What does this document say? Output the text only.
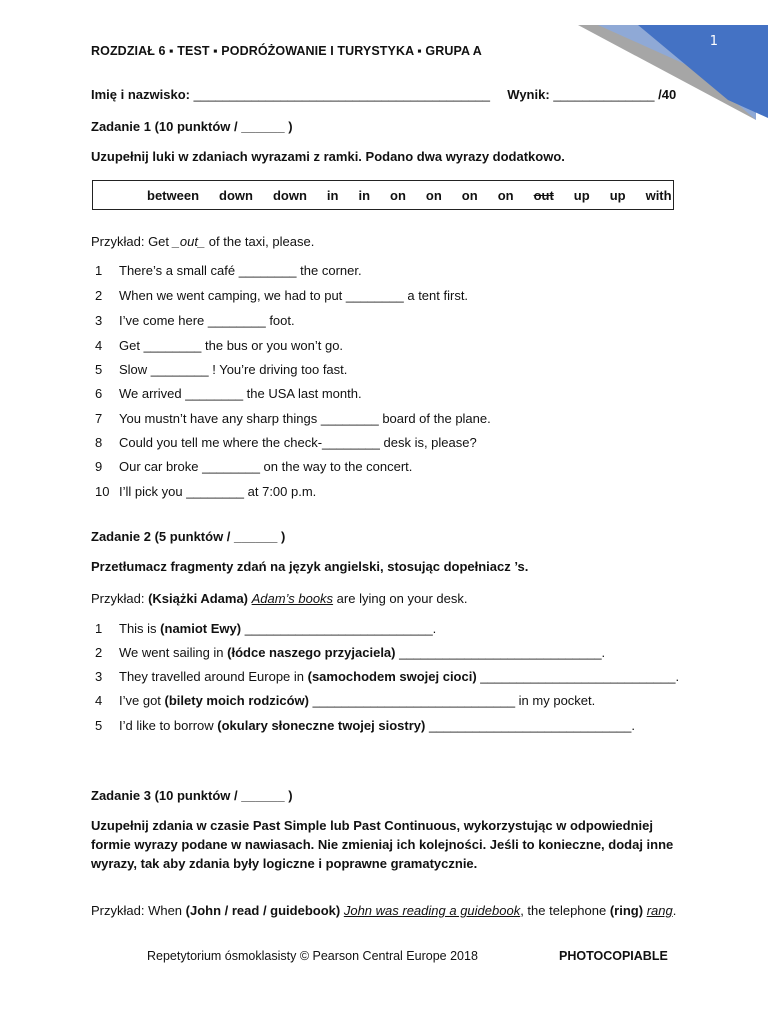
1
ROZDZIAŁ 6 ▪ TEST ▪ PODRÓŻOWANIE I TURYSTYKA ▪ GRUPA A
Imię i nazwisko: _________________________________________ Wynik: ______________ /40
Zadanie 1 (10 punktów / ______ )
Uzupełnij luki w zdaniach wyrazami z ramki. Podano dwa wyrazy dodatkowo.
between down down in in on on on on out up up with
Przykład: Get _out_ of the taxi, please.
1 There’s a small café ________ the corner.
2 When we went camping, we had to put ________ a tent first.
3 I’ve come here ________ foot.
4 Get ________ the bus or you won’t go.
5 Slow ________ ! You’re driving too fast.
6 We arrived ________ the USA last month.
7 You mustn’t have any sharp things ________ board of the plane.
8 Could you tell me where the check-________ desk is, please?
9 Our car broke ________ on the way to the concert.
10 I’ll pick you ________ at 7:00 p.m.
Zadanie 2 (5 punktów / ______ )
Przetłumacz fragmenty zdań na język angielski, stosując dopełniacz ’s.
Przykład: (Książki Adama) Adam’s books are lying on your desk.
1 This is (namiot Ewy) __________________________.
2 We went sailing in (łódce naszego przyjaciela) ____________________________.
3 They travelled around Europe in (samochodem swojej cioci) ___________________________.
4 I’ve got (bilety moich rodziców) ____________________________ in my pocket.
5 I’d like to borrow (okulary słoneczne twojej siostry) ____________________________.
Zadanie 3 (10 punktów / ______ )
Uzupełnij zdania w czasie Past Simple lub Past Continuous, wykorzystując w odpowiedniej formie wyrazy podane w nawiasach. Nie zmieniaj ich kolejności. Jeśli to konieczne, dodaj inne wyrazy, tak aby zdania były logiczne i poprawne gramatycznie.
Przykład: When (John / read / guidebook) John was reading a guidebook, the telephone (ring) rang.
Repetytorium ósmoklasisty © Pearson Central Europe 2018	PHOTOCOPIABLE
